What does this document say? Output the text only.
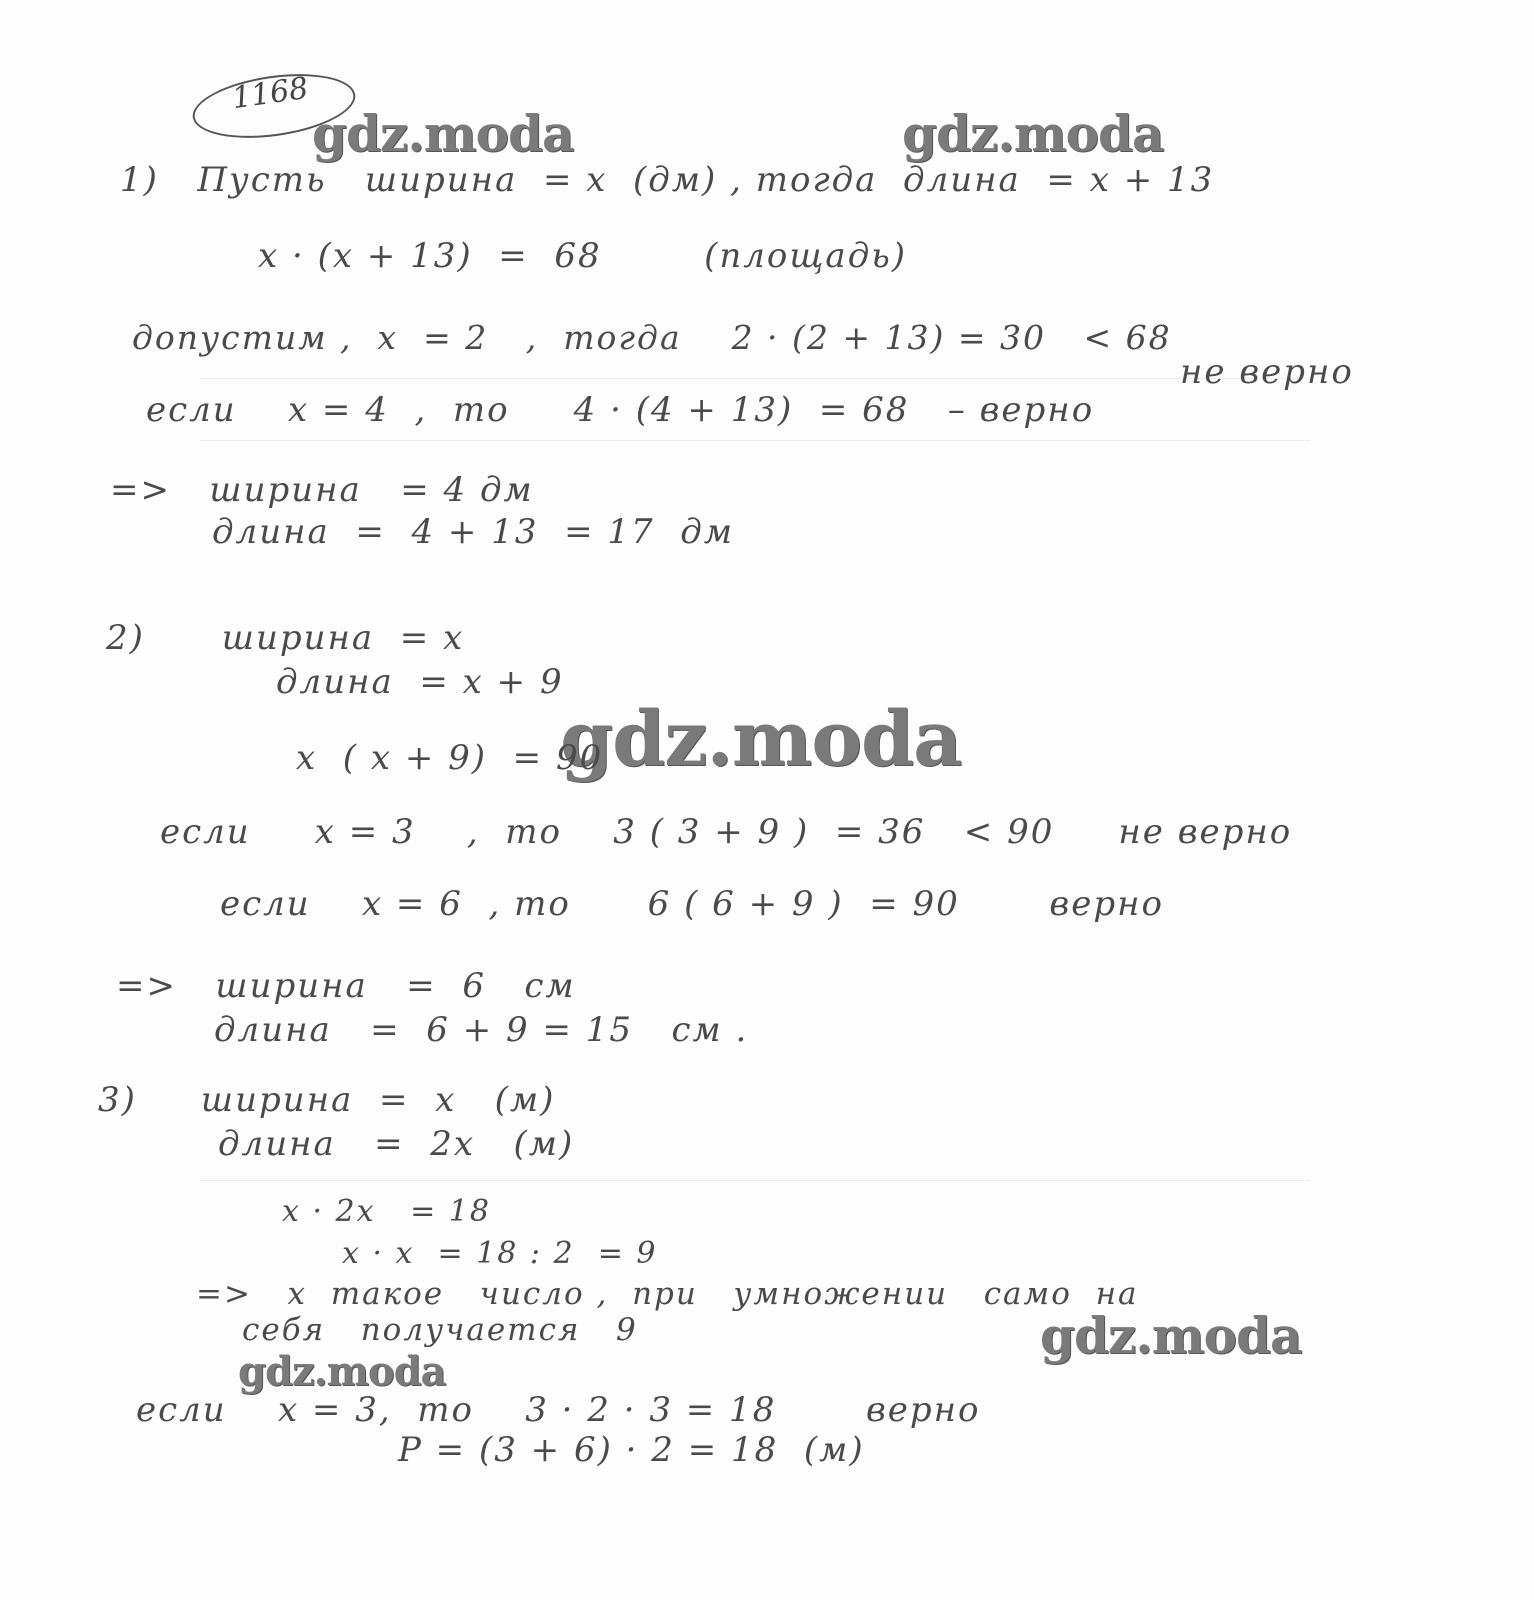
1168
gdz.moda	gdz.moda
gdz.moda
gdz.moda
gdz.moda
1)   Пусть   ширина  = x  (дм) , тогда  длина  = x + 13
x · (x + 13)  =  68        (площадь)
допустим ,  x  = 2   ,  тогда    2 · (2 + 13) = 30   < 68
не верно
если    x = 4  ,  то     4 · (4 + 13)  = 68   – верно
=>   ширина   = 4 дм
длина  =  4 + 13  = 17  дм
2)      ширина  = x
длина  = x + 9
x  ( x + 9)  = 90
если     x = 3    ,  то    3 ( 3 + 9 )  = 36   < 90     не верно
если    x = 6  , то      6 ( 6 + 9 )  = 90       верно
=>   ширина   =  6   см
длина   =  6 + 9 = 15   см .
3)     ширина  =  x   (м)
длина   =  2x   (м)
x · 2x   = 18
x · x  = 18 : 2  = 9
=>   x  такое   число ,  при   умножении   само  на
себя   получается   9
если    x = 3,  то    3 · 2 · 3 = 18       верно
P = (3 + 6) · 2 = 18  (м)
